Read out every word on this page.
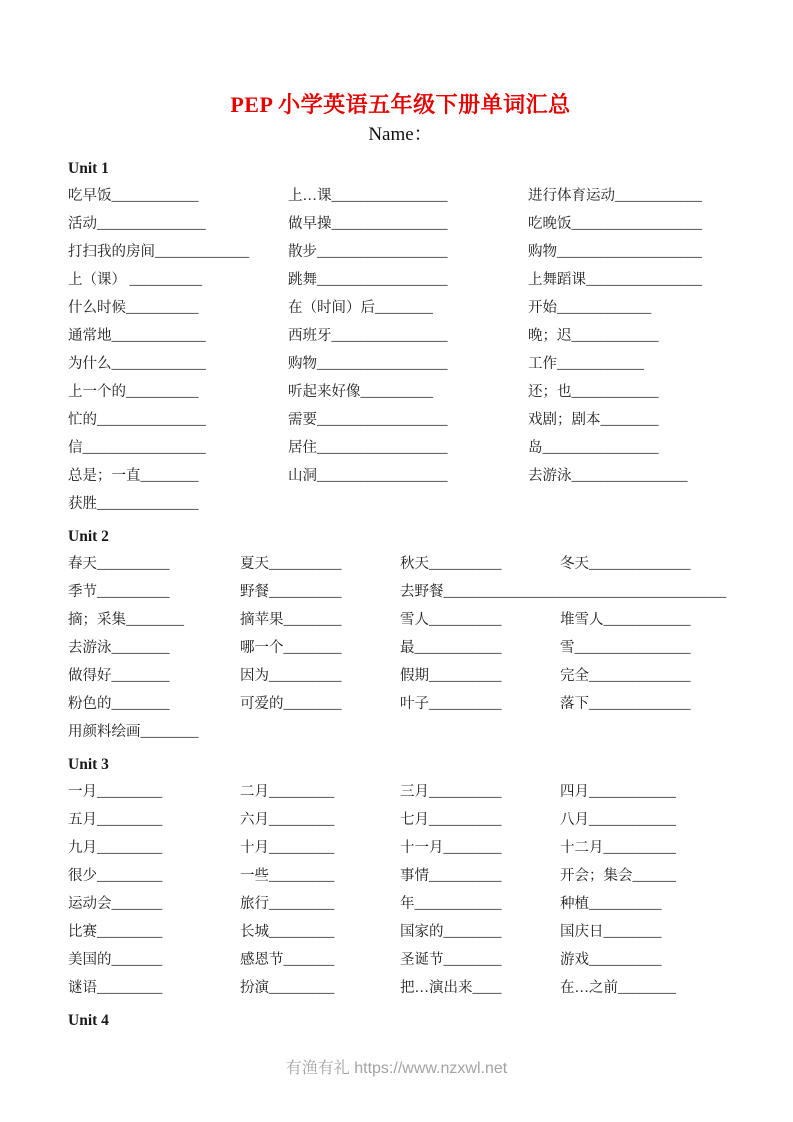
PEP 小学英语五年级下册单词汇总
Name：
Unit 1
吃早饭____________	上…课________________	进行体育运动____________
活动_______________	做早操________________	吃晚饭__________________
打扫我的房间_____________	散步__________________	购物____________________
上（课） __________	跳舞__________________	上舞蹈课________________
什么时候__________	在（时间）后________	开始_____________
通常地_____________	西班牙________________	晚；迟____________
为什么_____________	购物__________________	工作____________
上一个的__________	听起来好像__________	还；也____________
忙的_______________	需要__________________	戏剧；剧本________
信_________________	居住__________________	岛________________
总是；一直________	山洞__________________	去游泳________________
获胜______________
Unit 2
春天__________	夏天__________	秋天__________	冬天______________
季节__________	野餐__________	去野餐_______________________________________
摘；采集________	摘苹果________	雪人__________	堆雪人____________
去游泳________	哪一个________	最____________	雪________________
做得好________	因为__________	假期__________	完全______________
粉色的________	可爱的________	叶子__________	落下______________
用颜料绘画________
Unit 3
一月_________	二月_________	三月__________	四月____________
五月_________	六月_________	七月__________	八月____________
九月_________	十月_________	十一月________	十二月__________
很少_________	一些_________	事情__________	开会；集会______
运动会_______	旅行_________	年____________	种植__________
比赛_________	长城_________	国家的________	国庆日________
美国的_______	感恩节_______	圣诞节________	游戏__________
谜语_________	扮演_________	把…演出来____	在…之前________
Unit 4
有渔有礼 https://www.nzxwl.net
